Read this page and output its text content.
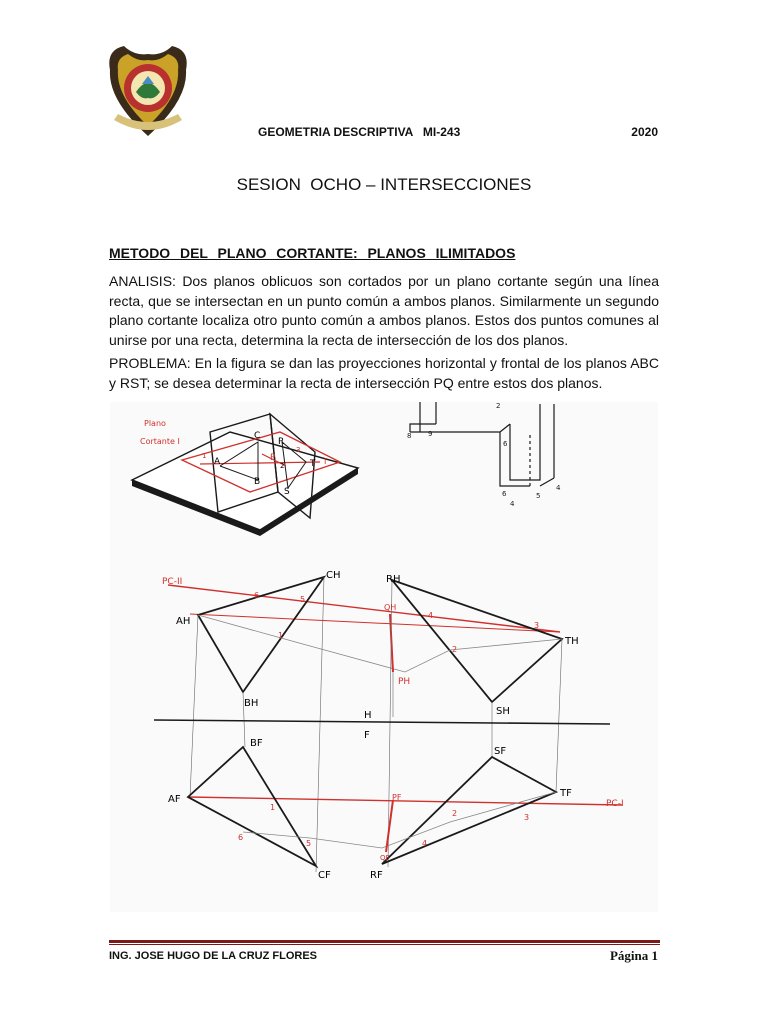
GEOMETRIA DESCRIPTIVA   MI-243	2020
SESION  OCHO – INTERSECCIONES
METODO  DEL  PLANO  CORTANTE:  PLANOS  ILIMITADOS
ANALISIS: Dos planos oblicuos son cortados por un plano cortante según una línea recta, que se intersectan en un punto común a ambos planos. Similarmente un segundo plano cortante localiza otro punto común a ambos planos. Estos dos puntos comunes al unirse por una recta, determina la recta de intersección de los dos planos.
PROBLEMA: En la figura se dan las proyecciones horizontal y frontal de los planos ABC y RST; se desea determinar la recta de intersección PQ entre estos dos planos.
Plano
Cortante I
C
A
B
R
P
S
T
1
2
3
I
8 9
6
6	5
4
2
4
PC-II
AH
BH
CH	RH
SH
TH
QH
PH
1
2
3
4
5
6
H
F
AF
BF
CF	RF
SF
TF
PC-I
PF
QF
1
2	3
4
5
6
ING. JOSE HUGO DE LA CRUZ FLORES	Página 1
